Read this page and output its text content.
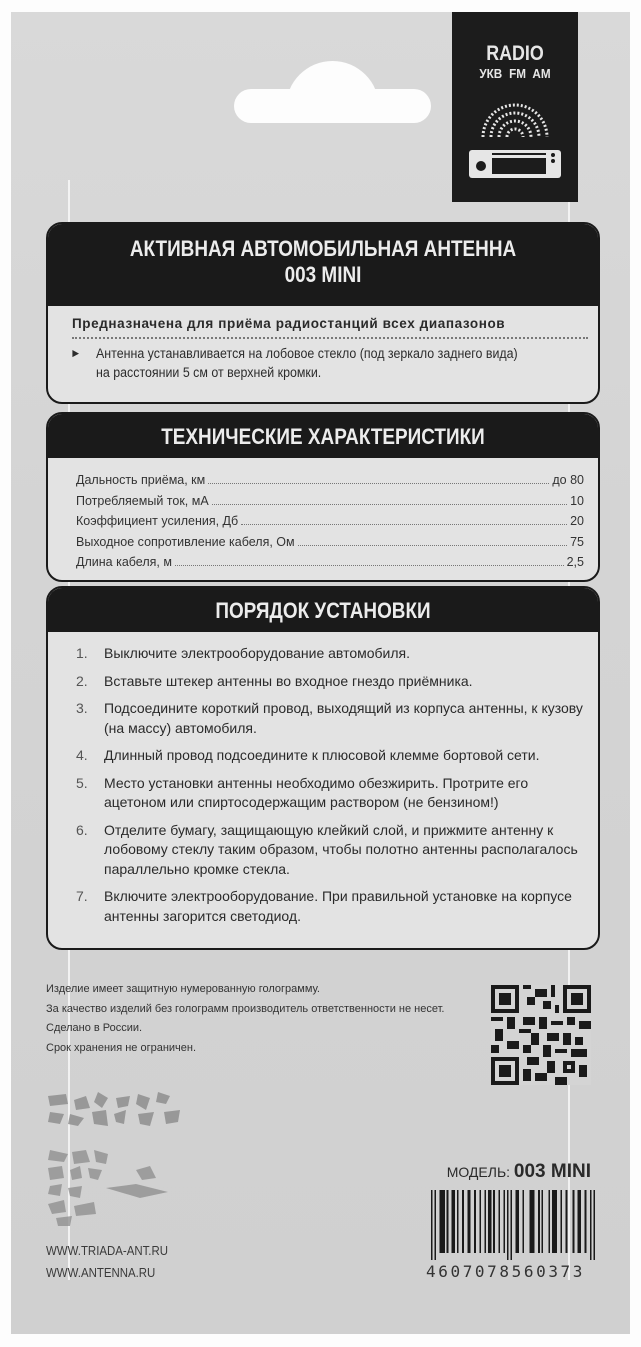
RADIO
УКВ FM AM
АКТИВНАЯ АВТОМОБИЛЬНАЯ АНТЕННА
003 MINI
Предназначена для приёма радиостанций всех диапазонов
► Антенна устанавливается на лобовое стекло (под зеркало заднего вида)
на расстоянии 5 см от верхней кромки.
ТЕХНИЧЕСКИЕ ХАРАКТЕРИСТИКИ
Дальность приёма, км	до 80
Потребляемый ток, мА	10
Коэффициент усиления, Дб	20
Выходное сопротивление кабеля, Ом	75
Длина кабеля, м	2,5
ПОРЯДОК УСТАНОВКИ
1. Выключите электрооборудование автомобиля.
2. Вставьте штекер антенны во входное гнездо приёмника.
3. Подсоедините короткий провод, выходящий из корпуса антенны, к кузову (на массу) автомобиля.
4. Длинный провод подсоедините к плюсовой клемме бортовой сети.
5. Место установки антенны необходимо обезжирить. Протрите его ацетоном или спиртосодержащим раствором (не бензином!)
6. Отделите бумагу, защищающую клейкий слой, и прижмите антенну к лобовому стеклу таким образом, чтобы полотно антенны располагалось параллельно кромке стекла.
7. Включите электрооборудование. При правильной установке на корпусе антенны загорится светодиод.
Изделие имеет защитную нумерованную голограмму.
За качество изделий без голограмм производитель ответственности не несет.
Сделано в России.
Срок хранения не ограничен.
WWW.TRIADA-ANT.RU
WWW.ANTENNA.RU
МОДЕЛЬ: 003 MINI
4607078560373
